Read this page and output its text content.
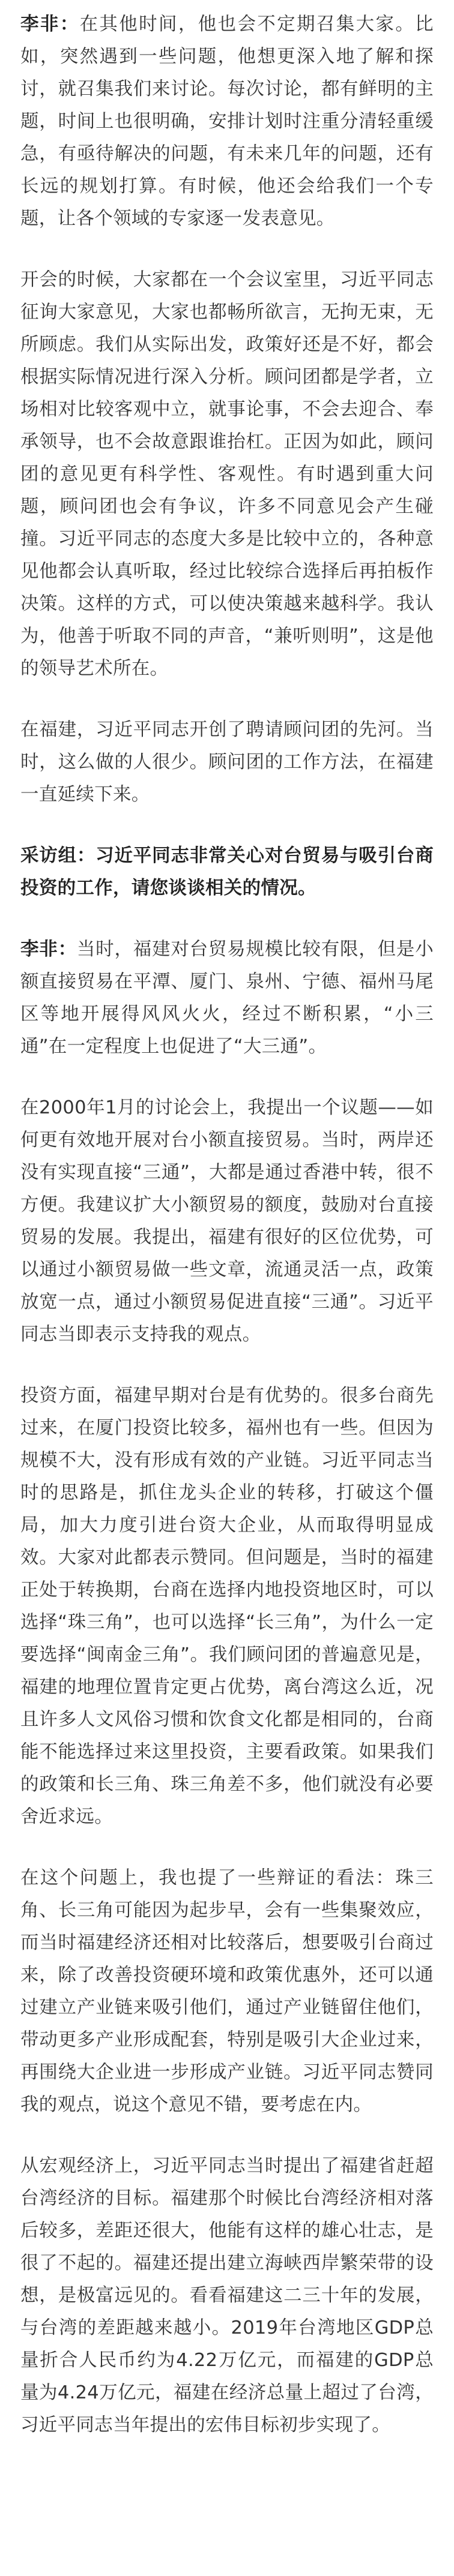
李非：在其他时间，他也会不定期召集大家。比如，突然遇到一些问题，他想更深入地了解和探讨，就召集我们来讨论。每次讨论，都有鲜明的主题，时间上也很明确，安排计划时注重分清轻重缓急，有亟待解决的问题，有未来几年的问题，还有长远的规划打算。有时候，他还会给我们一个专题，让各个领域的专家逐一发表意见。

开会的时候，大家都在一个会议室里，习近平同志征询大家意见，大家也都畅所欲言，无拘无束，无所顾虑。我们从实际出发，政策好还是不好，都会根据实际情况进行深入分析。顾问团都是学者，立场相对比较客观中立，就事论事，不会去迎合、奉承领导，也不会故意跟谁抬杠。正因为如此，顾问团的意见更有科学性、客观性。有时遇到重大问题，顾问团也会有争议，许多不同意见会产生碰撞。习近平同志的态度大多是比较中立的，各种意见他都会认真听取，经过比较综合选择后再拍板作决策。这样的方式，可以使决策越来越科学。我认为，他善于听取不同的声音，“兼听则明”，这是他的领导艺术所在。

在福建，习近平同志开创了聘请顾问团的先河。当时，这么做的人很少。顾问团的工作方法，在福建一直延续下来。

采访组：习近平同志非常关心对台贸易与吸引台商投资的工作，请您谈谈相关的情况。

李非：当时，福建对台贸易规模比较有限，但是小额直接贸易在平潭、厦门、泉州、宁德、福州马尾区等地开展得风风火火，经过不断积累，“小三通”在一定程度上也促进了“大三通”。

在2000年1月的讨论会上，我提出一个议题——如何更有效地开展对台小额直接贸易。当时，两岸还没有实现直接“三通”，大都是通过香港中转，很不方便。我建议扩大小额贸易的额度，鼓励对台直接贸易的发展。我提出，福建有很好的区位优势，可以通过小额贸易做一些文章，流通灵活一点，政策放宽一点，通过小额贸易促进直接“三通”。习近平同志当即表示支持我的观点。

投资方面，福建早期对台是有优势的。很多台商先过来，在厦门投资比较多，福州也有一些。但因为规模不大，没有形成有效的产业链。习近平同志当时的思路是，抓住龙头企业的转移，打破这个僵局，加大力度引进台资大企业，从而取得明显成效。大家对此都表示赞同。但问题是，当时的福建正处于转换期，台商在选择内地投资地区时，可以选择“珠三角”，也可以选择“长三角”，为什么一定要选择“闽南金三角”。我们顾问团的普遍意见是，福建的地理位置肯定更占优势，离台湾这么近，况且许多人文风俗习惯和饮食文化都是相同的，台商能不能选择过来这里投资，主要看政策。如果我们的政策和长三角、珠三角差不多，他们就没有必要舍近求远。

在这个问题上，我也提了一些辩证的看法：珠三角、长三角可能因为起步早，会有一些集聚效应，而当时福建经济还相对比较落后，想要吸引台商过来，除了改善投资硬环境和政策优惠外，还可以通过建立产业链来吸引他们，通过产业链留住他们，带动更多产业形成配套，特别是吸引大企业过来，再围绕大企业进一步形成产业链。习近平同志赞同我的观点，说这个意见不错，要考虑在内。

从宏观经济上，习近平同志当时提出了福建省赶超台湾经济的目标。福建那个时候比台湾经济相对落后较多，差距还很大，他能有这样的雄心壮志，是很了不起的。福建还提出建立海峡西岸繁荣带的设想，是极富远见的。看看福建这二三十年的发展，与台湾的差距越来越小。2019年台湾地区GDP总量折合人民币约为4.22万亿元，而福建的GDP总量为4.24万亿元，福建在经济总量上超过了台湾，习近平同志当年提出的宏伟目标初步实现了。
